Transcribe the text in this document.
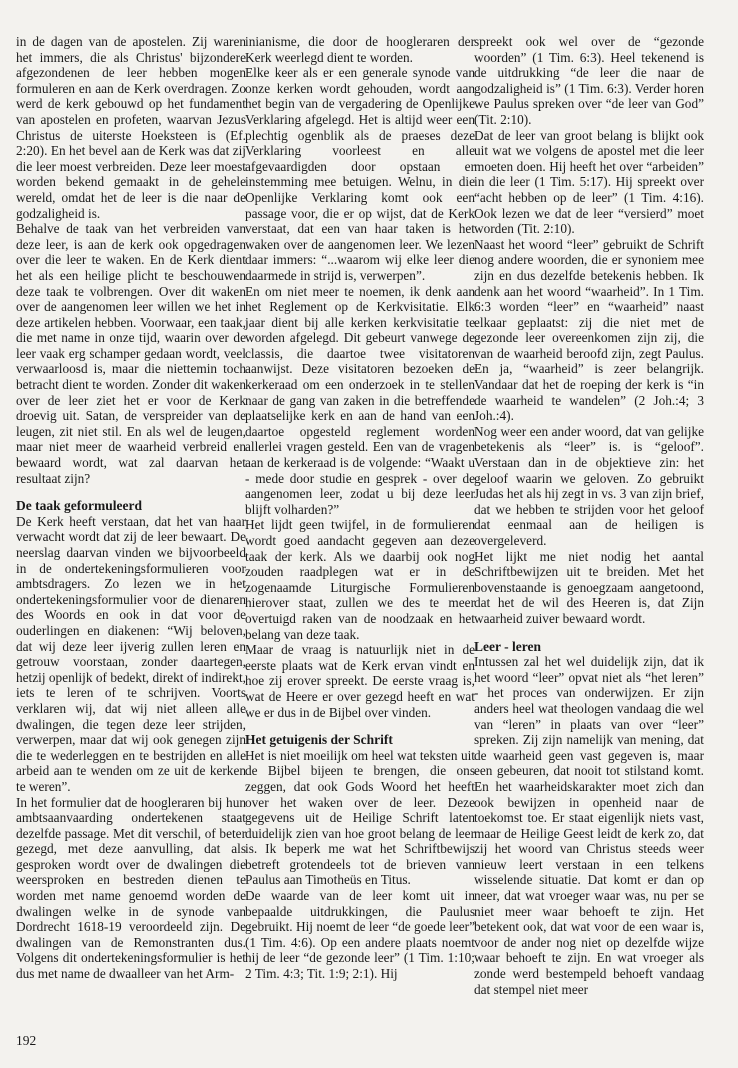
in de dagen van de apostelen. Zij waren het immers, die als Christus' bijzondere afgezondenen de leer hebben mogen formuleren en aan de Kerk overdragen. Zo werd de kerk gebouwd op het fundament van apostelen en profeten, waarvan Jezus Christus de uiterste Hoeksteen is (Ef. 2:20). En het bevel aan de Kerk was dat zij die leer moest verbreiden. Deze leer moest worden bekend gemaakt in de gehele wereld, omdat het de leer is die naar de godzaligheid is.

Behalve de taak van het verbreiden van deze leer, is aan de kerk ook opgedragen over die leer te waken. En de Kerk dient het als een heilige plicht te beschouwen deze taak te volbrengen. Over dit waken over de aangenomen leer willen we het in deze artikelen hebben. Voorwaar, een taak, die met name in onze tijd, waarin over de leer vaak erg schamper gedaan wordt, veel verwaarloosd is, maar die niettemin toch betracht dient te worden. Zonder dit waken over de leer ziet het er voor de Kerk droevig uit. Satan, de verspreider van de leugen, zit niet stil. En als wel de leugen, maar niet meer de waarheid verbreid en bewaard wordt, wat zal daarvan het resultaat zijn?

De taak geformuleerd

De Kerk heeft verstaan, dat het van haar verwacht wordt dat zij de leer bewaart. De neerslag daarvan vinden we bijvoorbeeld in de ondertekeningsformulieren voor ambtsdragers. Zo lezen we in het ondertekeningsformulier voor de dienaren des Woords en ook in dat voor de ouderlingen en diakenen: “Wij beloven, dat wij deze leer ijverig zullen leren en getrouw voorstaan, zonder daartegen, hetzij openlijk of bedekt, direkt of indirekt, iets te leren of te schrijven. Voorts verklaren wij, dat wij niet alleen alle dwalingen, die tegen deze leer strijden, verwerpen, maar dat wij ook genegen zijn die te wederleggen en te bestrijden en alle arbeid aan te wenden om ze uit de kerken te weren”.

In het formulier dat de hoogleraren bij hun ambtsaanvaarding ondertekenen staat dezelfde passage. Met dit verschil, of beter gezegd, met deze aanvulling, dat als gesproken wordt over de dwalingen die weersproken en bestreden dienen te worden met name genoemd worden de dwalingen welke in de synode van Dordrecht 1618-19 veroordeeld zijn. De dwalingen van de Remonstranten dus. Volgens dit ondertekeningsformulier is het dus met name de dwaalleer van het Arm-

inianisme, die door de hoogleraren der Kerk weerlegd dient te worden.

Elke keer als er een generale synode van onze kerken wordt gehouden, wordt aan het begin van de vergadering de Openlijke Verklaring afgelegd. Het is altijd weer een plechtig ogenblik als de praeses deze Verklaring voorleest en alle afgevaardigden door opstaan er instemming mee betuigen. Welnu, in die Openlijke Verklaring komt ook een passage voor, die er op wijst, dat de Kerk verstaat, dat een van haar taken is het waken over de aangenomen leer. We lezen daar immers: “...waarom wij elke leer die daarmede in strijd is, verwerpen”.

En om niet meer te noemen, ik denk aan het Reglement op de Kerkvisitatie. Elk jaar dient bij alle kerken kerkvisitatie te worden afgelegd. Dit gebeurt vanwege de classis, die daartoe twee visitatoren aanwijst. Deze visitatoren bezoeken de kerkeraad om een onderzoek in te stellen naar de gang van zaken in die betreffende plaatselijke kerk en aan de hand van een daartoe opgesteld reglement worden allerlei vragen gesteld. Een van de vragen aan de kerkeraad is de volgende: “Waakt u - mede door studie en gesprek - over de aangenomen leer, zodat u bij deze leer blijft volharden?”

Het lijdt geen twijfel, in de formulieren wordt goed aandacht gegeven aan deze taak der kerk. Als we daarbij ook nog zouden raadplegen wat er in de zogenaamde Liturgische Formulieren hierover staat, zullen we des te meer overtuigd raken van de noodzaak en het belang van deze taak.

Maar de vraag is natuurlijk niet in de eerste plaats wat de Kerk ervan vindt en hoe zij erover spreekt. De eerste vraag is, wat de Heere er over gezegd heeft en wat we er dus in de Bijbel over vinden.

Het getuigenis der Schrift

Het is niet moeilijk om heel wat teksten uit de Bijbel bijeen te brengen, die ons zeggen, dat ook Gods Woord het heeft over het waken over de leer. Deze gegevens uit de Heilige Schrift laten duidelijk zien van hoe groot belang de leer is. Ik beperk me wat het Schriftbewijs betreft grotendeels tot de brieven van Paulus aan Timotheüs en Titus.

De waarde van de leer komt uit in bepaalde uitdrukkingen, die Paulus gebruikt. Hij noemt de leer “de goede leer” (1 Tim. 4:6). Op een andere plaats noemt hij de leer “de gezonde leer” (1 Tim. 1:10; 2 Tim. 4:3; Tit. 1:9; 2:1). Hij

spreekt ook wel over de “gezonde woorden” (1 Tim. 6:3). Heel tekenend is de uitdrukking “de leer die naar de godzaligheid is” (1 Tim. 6:3). Verder horen we Paulus spreken over “de leer van God” (Tit. 2:10).

Dat de leer van groot belang is blijkt ook uit wat we volgens de apostel met die leer moeten doen. Hij heeft het over “arbeiden” in die leer (1 Tim. 5:17). Hij spreekt over “acht hebben op de leer” (1 Tim. 4:16). Ook lezen we dat de leer “versierd” moet worden (Tit. 2:10).

Naast het woord “leer” gebruikt de Schrift nog andere woorden, die er synoniem mee zijn en dus dezelfde betekenis hebben. Ik denk aan het woord “waarheid”. In 1 Tim. 6:3 worden “leer” en “waarheid” naast elkaar geplaatst: zij die niet met de gezonde leer overeenkomen zijn zij, die van de waarheid beroofd zijn, zegt Paulus. En ja, “waarheid” is zeer belangrijk. Vandaar dat het de roeping der kerk is “in de waarheid te wandelen” (2 Joh.:4; 3 Joh.:4).

Nog weer een ander woord, dat van gelijke betekenis als “leer” is. is “geloof”. Verstaan dan in de objektieve zin: het geloof waarin we geloven. Zo gebruikt Judas het als hij zegt in vs. 3 van zijn brief, dat we hebben te strijden voor het geloof dat eenmaal aan de heiligen is overgeleverd.

Het lijkt me niet nodig het aantal Schriftbewijzen uit te breiden. Met het bovenstaande is genoegzaam aangetoond, dat het de wil des Heeren is, dat Zijn waarheid zuiver bewaard wordt.

Leer - leren

Intussen zal het wel duidelijk zijn, dat ik het woord “leer” opvat niet als “het leren” - het proces van onderwijzen. Er zijn anders heel wat theologen vandaag die wel van “leren” in plaats van over “leer” spreken. Zij zijn namelijk van mening, dat de waarheid geen vast gegeven is, maar een gebeuren, dat nooit tot stilstand komt. En het waarheidskarakter moet zich dan ook bewijzen in openheid naar de toekomst toe. Er staat eigenlijk niets vast, maar de Heilige Geest leidt de kerk zo, dat zij het woord van Christus steeds weer nieuw leert verstaan in een telkens wisselende situatie. Dat komt er dan op neer, dat wat vroeger waar was, nu per se niet meer waar behoeft te zijn. Het betekent ook, dat wat voor de een waar is, voor de ander nog niet op dezelfde wijze waar behoeft te zijn. En wat vroeger als zonde werd bestempeld behoeft vandaag dat stempel niet meer

192
